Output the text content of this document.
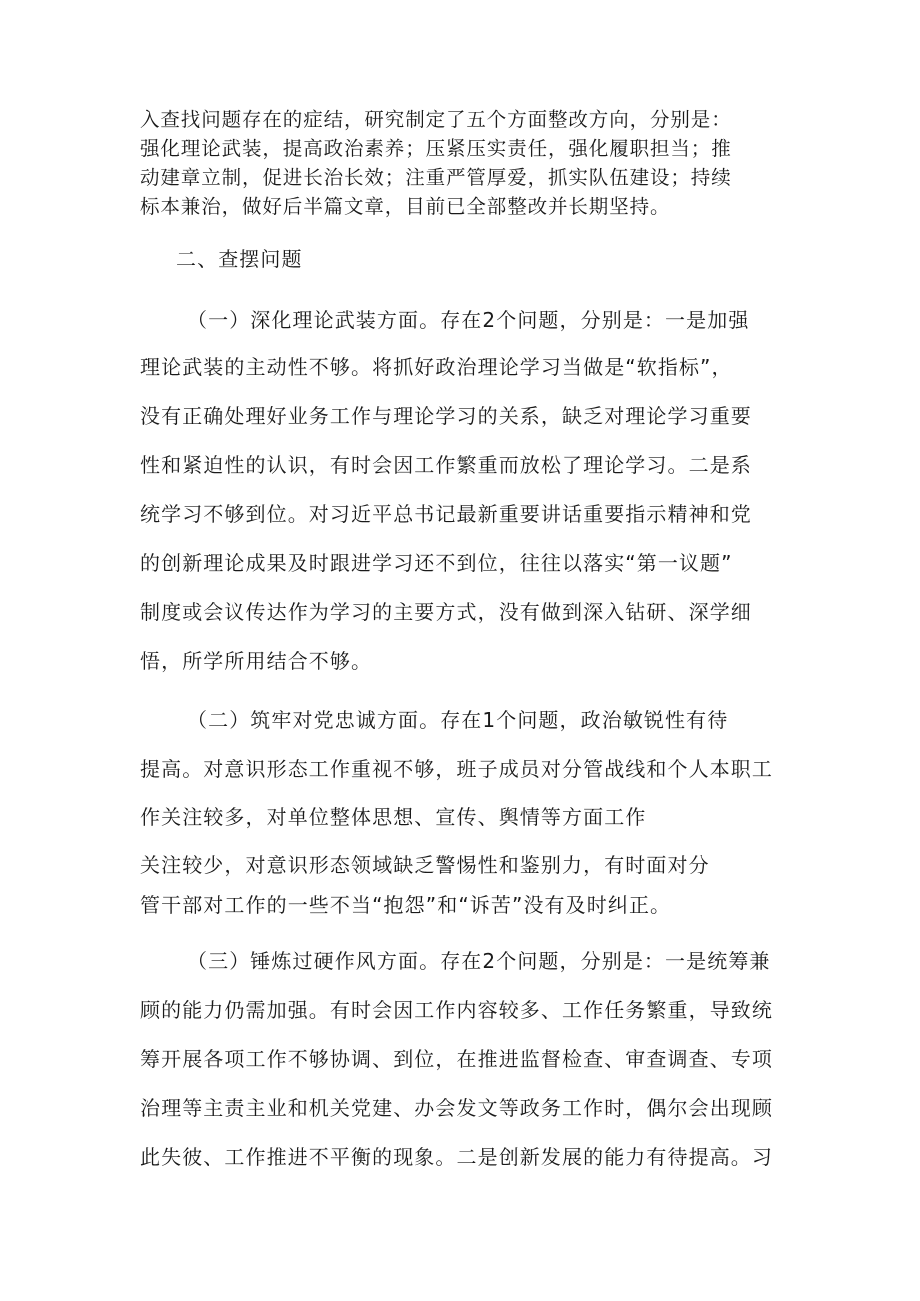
入查找问题存在的症结，研究制定了五个方面整改方向，分别是：

强化理论武装，提高政治素养；压紧压实责任，强化履职担当；推

动建章立制，促进长治长效；注重严管厚爱，抓实队伍建设；持续

标本兼治，做好后半篇文章，目前已全部整改并长期坚持。

二、查摆问题

（一）深化理论武装方面。存在2个问题，分别是：一是加强

理论武装的主动性不够。将抓好政治理论学习当做是“软指标”，

没有正确处理好业务工作与理论学习的关系，缺乏对理论学习重要

性和紧迫性的认识，有时会因工作繁重而放松了理论学习。二是系

统学习不够到位。对习近平总书记最新重要讲话重要指示精神和党

的创新理论成果及时跟进学习还不到位，往往以落实“第一议题”

制度或会议传达作为学习的主要方式，没有做到深入钻研、深学细

悟，所学所用结合不够。

（二）筑牢对党忠诚方面。存在1个问题，政治敏锐性有待

提高。对意识形态工作重视不够，班子成员对分管战线和个人本职工

作关注较多，对单位整体思想、宣传、舆情等方面工作

关注较少，对意识形态领域缺乏警惕性和鉴别力，有时面对分

管干部对工作的一些不当“抱怨”和“诉苦”没有及时纠正。

（三）锤炼过硬作风方面。存在2个问题，分别是：一是统筹兼

顾的能力仍需加强。有时会因工作内容较多、工作任务繁重，导致统

筹开展各项工作不够协调、到位，在推进监督检查、审查调查、专项

治理等主责主业和机关党建、办会发文等政务工作时，偶尔会出现顾

此失彼、工作推进不平衡的现象。二是创新发展的能力有待提高。习
